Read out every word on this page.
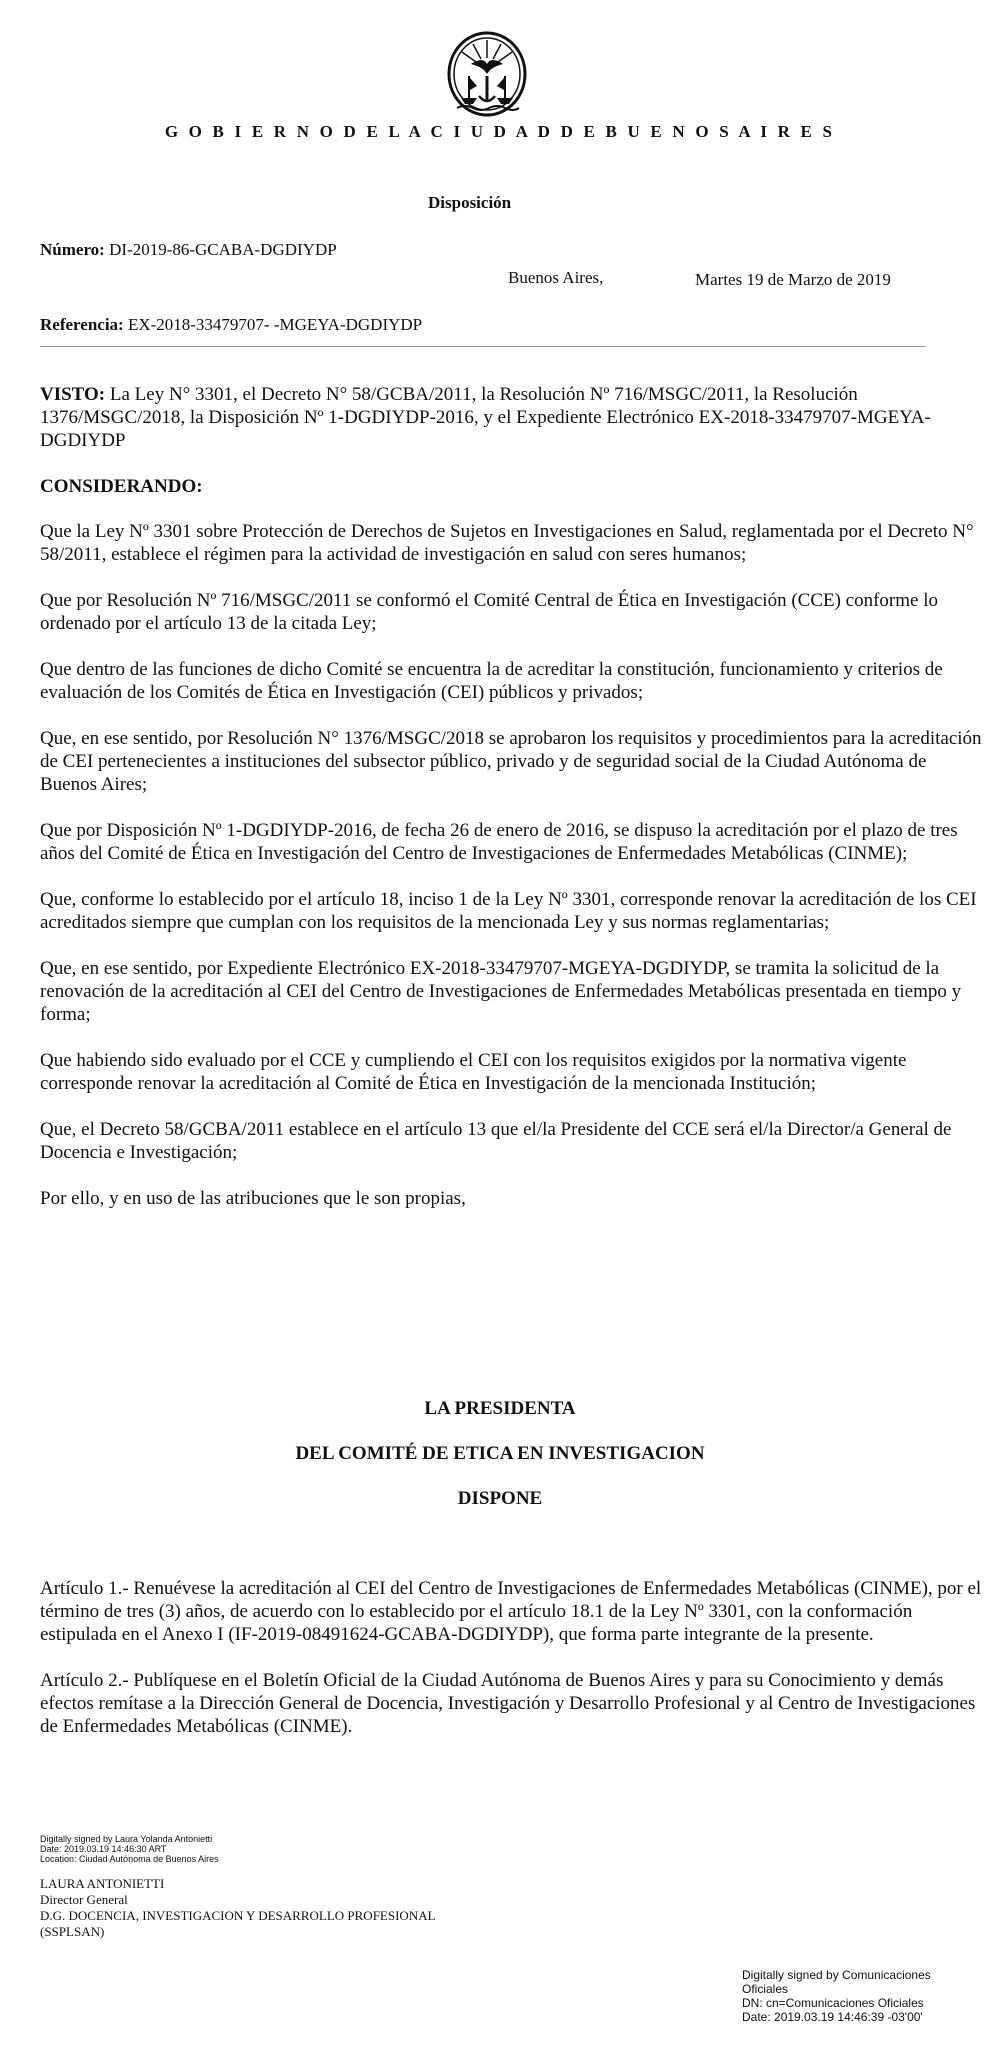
G O B I E R N O D E L A C I U D A D D E B U E N O S A I R E S
Disposición
Número: DI-2019-86-GCABA-DGDIYDP
Buenos Aires,	Martes 19 de Marzo de 2019
Referencia: EX-2018-33479707- -MGEYA-DGDIYDP

VISTO: La Ley N° 3301, el Decreto N° 58/GCBA/2011, la Resolución Nº 716/MSGC/2011, la Resolución 1376/MSGC/2018, la Disposición Nº 1-DGDIYDP-2016, y el Expediente Electrónico EX-2018-33479707-MGEYA-DGDIYDP

CONSIDERANDO:

Que la Ley Nº 3301 sobre Protección de Derechos de Sujetos en Investigaciones en Salud, reglamentada por el Decreto N° 58/2011, establece el régimen para la actividad de investigación en salud con seres humanos;

Que por Resolución Nº 716/MSGC/2011 se conformó el Comité Central de Ética en Investigación (CCE) conforme lo ordenado por el artículo 13 de la citada Ley;

Que dentro de las funciones de dicho Comité se encuentra la de acreditar la constitución, funcionamiento y criterios de evaluación de los Comités de Ética en Investigación (CEI) públicos y privados;

Que, en ese sentido, por Resolución N° 1376/MSGC/2018 se aprobaron los requisitos y procedimientos para la acreditación de CEI pertenecientes a instituciones del subsector público, privado y de seguridad social de la Ciudad Autónoma de Buenos Aires;

Que por Disposición Nº 1-DGDIYDP-2016, de fecha 26 de enero de 2016, se dispuso la acreditación por el plazo de tres años del Comité de Ética en Investigación del Centro de Investigaciones de Enfermedades Metabólicas (CINME);

Que, conforme lo establecido por el artículo 18, inciso 1 de la Ley Nº 3301, corresponde renovar la acreditación de los CEI acreditados siempre que cumplan con los requisitos de la mencionada Ley y sus normas reglamentarias;

Que, en ese sentido, por Expediente Electrónico EX-2018-33479707-MGEYA-DGDIYDP, se tramita la solicitud de la renovación de la acreditación al CEI del Centro de Investigaciones de Enfermedades Metabólicas presentada en tiempo y forma;

Que habiendo sido evaluado por el CCE y cumpliendo el CEI con los requisitos exigidos por la normativa vigente corresponde renovar la acreditación al Comité de Ética en Investigación de la mencionada Institución;

Que, el Decreto 58/GCBA/2011 establece en el artículo 13 que el/la Presidente del CCE será el/la Director/a General de Docencia e Investigación;

Por ello, y en uso de las atribuciones que le son propias,

LA PRESIDENTA
DEL COMITÉ DE ETICA EN INVESTIGACION
DISPONE

Artículo 1.- Renuévese la acreditación al CEI del Centro de Investigaciones de Enfermedades Metabólicas (CINME), por el término de tres (3) años, de acuerdo con lo establecido por el artículo 18.1 de la Ley Nº 3301, con la conformación estipulada en el Anexo I (IF-2019-08491624-GCABA-DGDIYDP), que forma parte integrante de la presente.

Artículo 2.- Publíquese en el Boletín Oficial de la Ciudad Autónoma de Buenos Aires y para su Conocimiento y demás efectos remítase a la Dirección General de Docencia, Investigación y Desarrollo Profesional y al Centro de Investigaciones de Enfermedades Metabólicas (CINME).

Digitally signed by Laura Yolanda Antonietti
Date: 2019.03.19 14:46:30 ART
Location: Ciudad Autónoma de Buenos Aires
LAURA ANTONIETTI
Director General
D.G. DOCENCIA, INVESTIGACION Y DESARROLLO PROFESIONAL
(SSPLSAN)
Digitally signed by Comunicaciones
Oficiales
DN: cn=Comunicaciones Oficiales
Date: 2019.03.19 14:46:39 -03'00'
